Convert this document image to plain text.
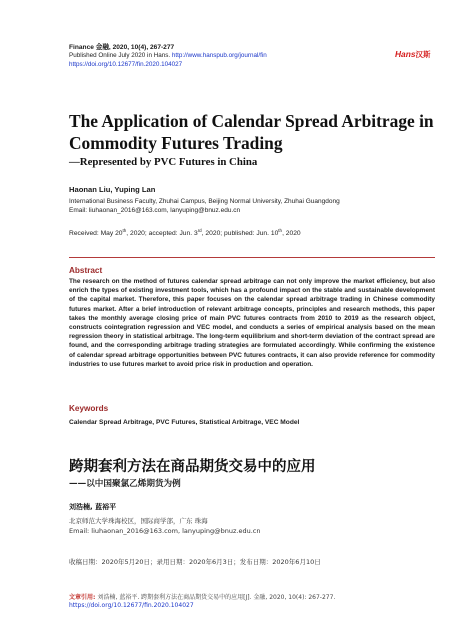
Finance 金融, 2020, 10(4), 267-277
Published Online July 2020 in Hans. http://www.hanspub.org/journal/fin
https://doi.org/10.12677/fin.2020.104027
Hans汉斯
The Application of Calendar Spread Arbitrage in Commodity Futures Trading
—Represented by PVC Futures in China
Haonan Liu, Yuping Lan
International Business Faculty, Zhuhai Campus, Beijing Normal University, Zhuhai Guangdong
Email: liuhaonan_2016@163.com, lanyuping@bnuz.edu.cn
Received: May 20th, 2020; accepted: Jun. 3rd, 2020; published: Jun. 10th, 2020
Abstract
The research on the method of futures calendar spread arbitrage can not only improve the market efficiency, but also enrich the types of existing investment tools, which has a profound impact on the stable and sustainable development of the capital market. Therefore, this paper focuses on the calendar spread arbitrage trading in Chinese commodity futures market. After a brief introduction of relevant arbitrage concepts, principles and research methods, this paper takes the monthly average closing price of main PVC futures contracts from 2010 to 2019 as the research object, constructs cointegration regression and VEC model, and conducts a series of empirical analysis based on the mean regression theory in statistical arbitrage. The long-term equilibrium and short-term deviation of the contract spread are found, and the corresponding arbitrage trading strategies are formulated accordingly. While confirming the existence of calendar spread arbitrage opportunities between PVC futures contracts, it can also provide reference for commodity industries to use futures market to avoid price risk in production and operation.
Keywords
Calendar Spread Arbitrage, PVC Futures, Statistical Arbitrage, VEC Model
跨期套利方法在商品期货交易中的应用
——以中国聚氯乙烯期货为例
刘浩楠, 蓝裕平
北京师范大学珠海校区，国际商学部，广东 珠海
Email: liuhaonan_2016@163.com, lanyuping@bnuz.edu.cn
收稿日期：2020年5月20日；录用日期：2020年6月3日；发布日期：2020年6月10日
文章引用: 刘浩楠, 蓝裕平. 跨期套利方法在商品期货交易中的应用[J]. 金融, 2020, 10(4): 267-277.
https://doi.org/10.12677/fin.2020.104027
